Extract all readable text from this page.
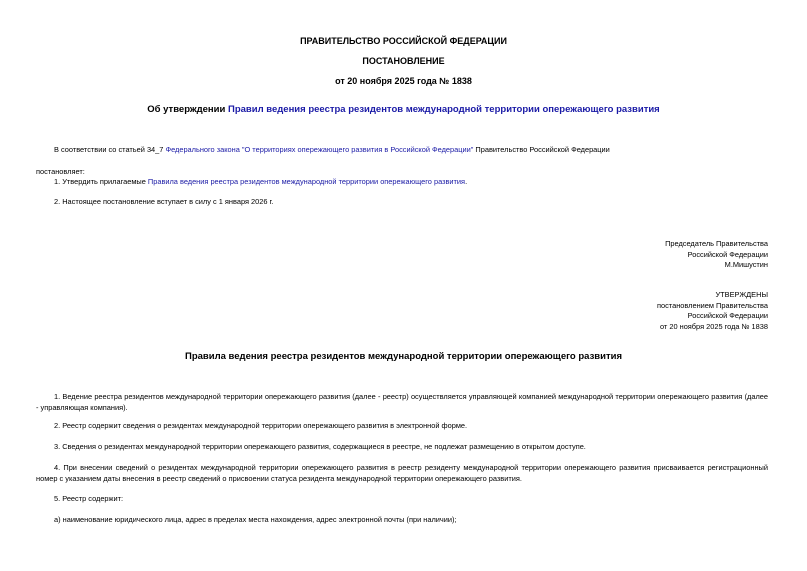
ПРАВИТЕЛЬСТВО РОССИЙСКОЙ ФЕДЕРАЦИИ
ПОСТАНОВЛЕНИЕ
от 20 ноября 2025 года № 1838
Об утверждении Правил ведения реестра резидентов международной территории опережающего развития
В соответствии со статьей 34_7 Федерального закона "О территориях опережающего развития в Российской Федерации" Правительство Российской Федерации
постановляет:
1. Утвердить прилагаемые Правила ведения реестра резидентов международной территории опережающего развития.
2. Настоящее постановление вступает в силу с 1 января 2026 г.
Председатель Правительства
Российской Федерации
М.Мишустин
УТВЕРЖДЕНЫ
постановлением Правительства
Российской Федерации
от 20 ноября 2025 года № 1838
Правила ведения реестра резидентов международной территории опережающего развития
1. Ведение реестра резидентов международной территории опережающего развития (далее - реестр) осуществляется управляющей компанией международной территории опережающего развития (далее - управляющая компания).
2. Реестр содержит сведения о резидентах международной территории опережающего развития в электронной форме.
3. Сведения о резидентах международной территории опережающего развития, содержащиеся в реестре, не подлежат размещению в открытом доступе.
4. При внесении сведений о резидентах международной территории опережающего развития в реестр резиденту международной территории опережающего развития присваивается регистрационный номер с указанием даты внесения в реестр сведений о присвоении статуса резидента международной территории опережающего развития.
5. Реестр содержит:
а) наименование юридического лица, адрес в пределах места нахождения, адрес электронной почты (при наличии);
